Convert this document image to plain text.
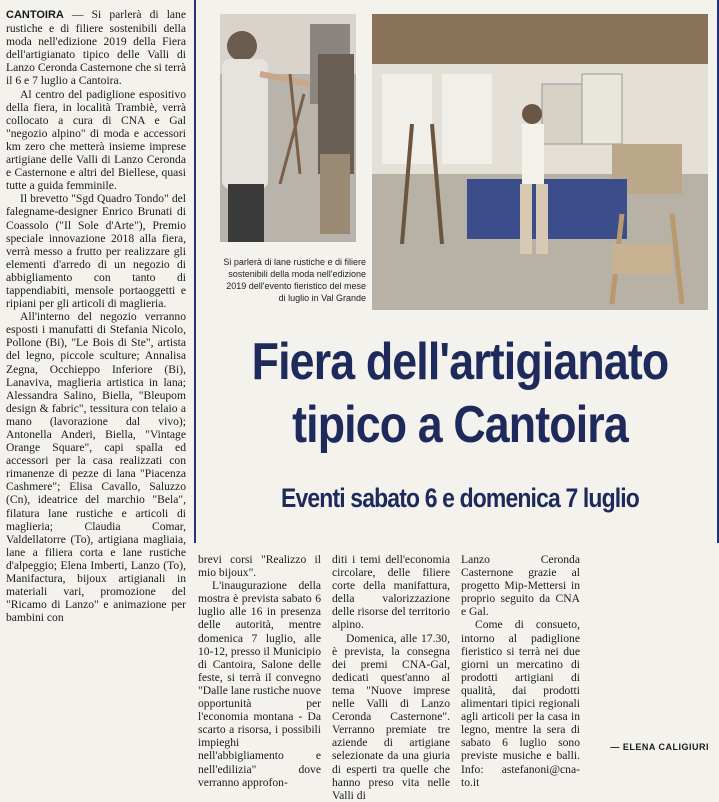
Si parlerà di lane rustiche e di filiere sostenibili della moda nell'edizione 2019 dell'evento fieristico del mese di luglio in Val Grande
Fiera dell'artigianato
tipico a Cantoira
Eventi sabato 6 e domenica 7 luglio

CANTOIRA — Si parlerà di lane rustiche e di filiere sostenibili della moda nell'edizione 2019 della Fiera dell'artigianato tipico delle Valli di Lanzo Ceronda Casternone che si terrà il 6 e 7 luglio a Cantoira.

Al centro del padiglione espositivo della fiera, in località Trambiè, verrà collocato a cura di CNA e Gal "negozio alpino" di moda e accessori km zero che metterà insieme imprese artigiane delle Valli di Lanzo Ceronda e Casternone e altri del Biellese, quasi tutte a guida femminile.

Il brevetto "Sgd Quadro Tondo" del falegname-designer Enrico Brunati di Coassolo ("Il Sole d'Arte"), Premio speciale innovazione 2018 alla fiera, verrà messo a frutto per realizzare gli elementi d'arredo di un negozio di abbigliamento con tanto di tappendiabiti, mensole portaoggetti e ripiani per gli articoli di maglieria.

All'interno del negozio verranno esposti i manufatti di Stefania Nicolo, Pollone (Bi), "Le Bois di Ste", artista del legno, piccole sculture; Annalisa Zegna, Occhieppo Inferiore (Bi), Lanaviva, maglieria artistica in lana; Alessandra Salino, Biella, "Bleupom design & fabric", tessitura con telaio a mano (lavorazione dal vivo); Antonella Anderi, Biella, "Vintage Orange Square", capi spalla ed accessori per la casa realizzati con rimanenze di pezze di lana "Piacenza Cashmere"; Elisa Cavallo, Saluzzo (Cn), ideatrice del marchio "Bela", filatura lane rustiche e articoli di maglieria; Claudia Comar, Valdellatorre (To), artigiana magliaia, lane a filiera corta e lane rustiche d'alpeggio; Elena Imberti, Lanzo (To), Manifactura, bijoux artigianali in materiali vari, promozione del "Ricamo di Lanzo" e animazione per bambini con

brevi corsi "Realizzo il mio bijoux".

L'inaugurazione della mostra è prevista sabato 6 luglio alle 16 in presenza delle autorità, mentre domenica 7 luglio, alle 10-12, presso il Municipio di Cantoira, Salone delle feste, si terrà il convegno "Dalle lane rustiche nuove opportunità per l'economia montana - Da scarto a risorsa, i possibili impieghi nell'abbigliamento e nell'edilizia" dove verranno approfon-

diti i temi dell'economia circolare, delle filiere corte della manifattura, della valorizzazione delle risorse del territorio alpino.

Domenica, alle 17.30, è prevista, la consegna dei premi CNA-Gal, dedicati quest'anno al tema "Nuove imprese nelle Valli di Lanzo Ceronda Casternone". Verranno premiate tre aziende di artigiane selezionate da una giuria di esperti tra quelle che hanno preso vita nelle Valli di

Lanzo Ceronda Casternone grazie al progetto Mip-Mettersi in proprio seguito da CNA e Gal.

Come di consueto, intorno al padiglione fieristico si terrà nei due giorni un mercatino di prodotti artigiani di qualità, dai prodotti alimentari tipici regionali agli articoli per la casa in legno, mentre la sera di sabato 6 luglio sono previste musiche e balli. Info: astefanoni@cna-to.it

— ELENA CALIGIURI
